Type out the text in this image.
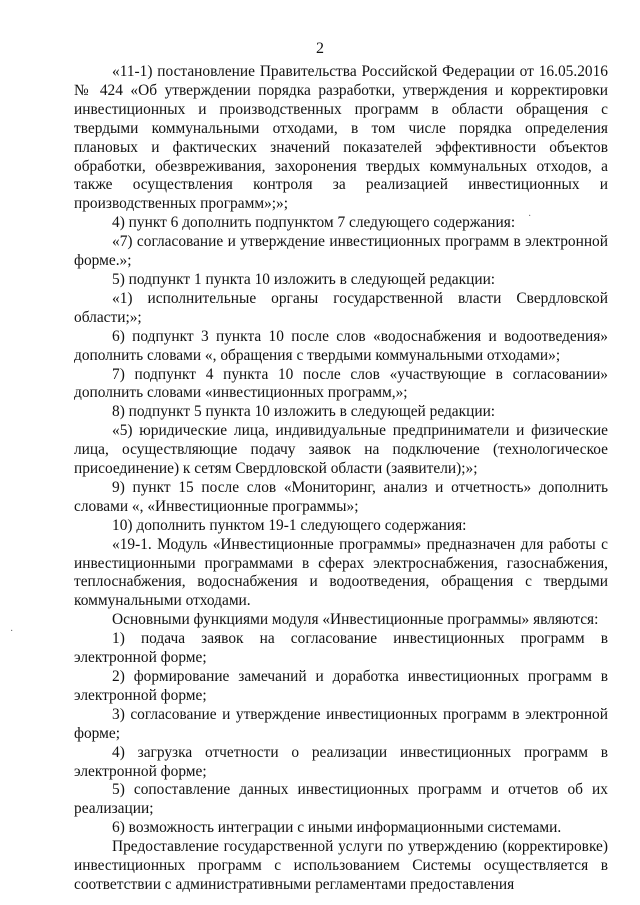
2

«11-1) постановление Правительства Российской Федерации от 16.05.2016 № 424 «Об утверждении порядка разработки, утверждения и корректировки инвестиционных и производственных программ в области обращения с твердыми коммунальными отходами, в том числе порядка определения плановых и фактических значений показателей эффективности объектов обработки, обезвреживания, захоронения твердых коммунальных отходов, а также осуществления контроля за реализацией инвестиционных и производственных программ»;»;

4) пункт 6 дополнить подпунктом 7 следующего содержания:

«7) согласование и утверждение инвестиционных программ в электронной форме.»;

5) подпункт 1 пункта 10 изложить в следующей редакции:

«1) исполнительные органы государственной власти Свердловской области;»;

6) подпункт 3 пункта 10 после слов «водоснабжения и водоотведения» дополнить словами «, обращения с твердыми коммунальными отходами»;

7) подпункт 4 пункта 10 после слов «участвующие в согласовании» дополнить словами «инвестиционных программ,»;

8) подпункт 5 пункта 10 изложить в следующей редакции:

«5) юридические лица, индивидуальные предприниматели и физические лица, осуществляющие подачу заявок на подключение (технологическое присоединение) к сетям Свердловской области (заявители);»;

9) пункт 15 после слов «Мониторинг, анализ и отчетность» дополнить словами «, «Инвестиционные программы»;

10) дополнить пунктом 19-1 следующего содержания:

«19-1. Модуль «Инвестиционные программы» предназначен для работы с инвестиционными программами в сферах электроснабжения, газоснабжения, теплоснабжения, водоснабжения и водоотведения, обращения с твердыми коммунальными отходами.

Основными функциями модуля «Инвестиционные программы» являются:

1) подача заявок на согласование инвестиционных программ в электронной форме;

2) формирование замечаний и доработка инвестиционных программ в электронной форме;

3) согласование и утверждение инвестиционных программ в электронной форме;

4) загрузка отчетности о реализации инвестиционных программ в электронной форме;

5) сопоставление данных инвестиционных программ и отчетов об их реализации;

6) возможность интеграции с иными информационными системами.

Предоставление государственной услуги по утверждению (корректировке) инвестиционных программ с использованием Системы осуществляется в соответствии с административными регламентами предоставления

·
·
